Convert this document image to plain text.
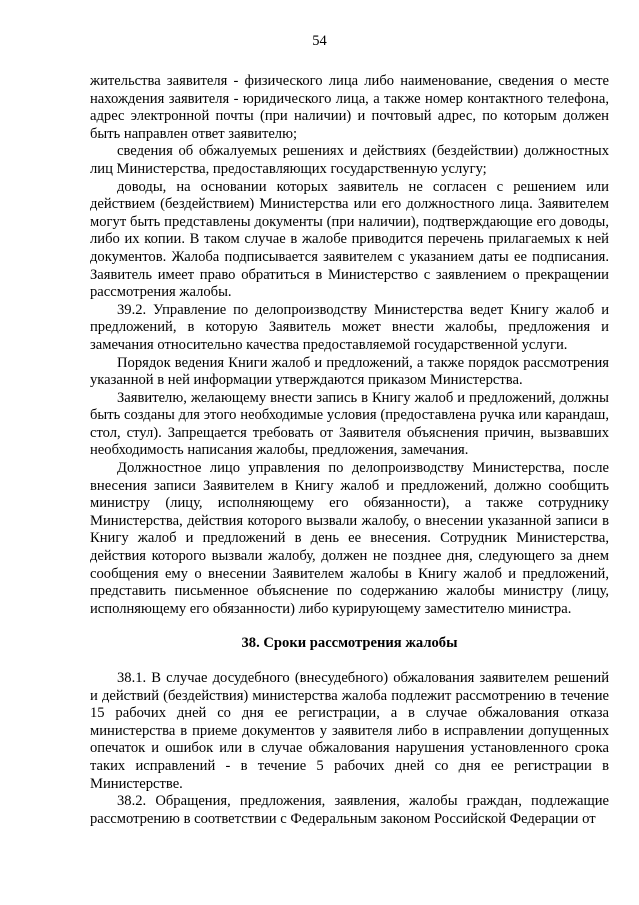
54

жительства заявителя - физического лица либо наименование, сведения о месте нахождения заявителя - юридического лица, а также номер контактного телефона, адрес электронной почты (при наличии) и почтовый адрес, по которым должен быть направлен ответ заявителю;

сведения об обжалуемых решениях и действиях (бездействии) должностных лиц Министерства, предоставляющих государственную услугу;

доводы, на основании которых заявитель не согласен с решением или действием (бездействием) Министерства или его должностного лица. Заявителем могут быть представлены документы (при наличии), подтверждающие его доводы, либо их копии. В таком случае в жалобе приводится перечень прилагаемых к ней документов. Жалоба подписывается заявителем с указанием даты ее подписания. Заявитель имеет право обратиться в Министерство с заявлением о прекращении рассмотрения жалобы.

39.2. Управление по делопроизводству Министерства ведет Книгу жалоб и предложений, в которую Заявитель может внести жалобы, предложения и замечания относительно качества предоставляемой государственной услуги.

Порядок ведения Книги жалоб и предложений, а также порядок рассмотрения указанной в ней информации утверждаются приказом Министерства.

Заявителю, желающему внести запись в Книгу жалоб и предложений, должны быть созданы для этого необходимые условия (предоставлена ручка или карандаш, стол, стул). Запрещается требовать от Заявителя объяснения причин, вызвавших необходимость написания жалобы, предложения, замечания.

Должностное лицо управления по делопроизводству Министерства, после внесения записи Заявителем в Книгу жалоб и предложений, должно сообщить министру (лицу, исполняющему его обязанности), а также сотруднику Министерства, действия которого вызвали жалобу, о внесении указанной записи в Книгу жалоб и предложений в день ее внесения. Сотрудник Министерства, действия которого вызвали жалобу, должен не позднее дня, следующего за днем сообщения ему о внесении Заявителем жалобы в Книгу жалоб и предложений, представить письменное объяснение по содержанию жалобы министру (лицу, исполняющему его обязанности) либо курирующему заместителю министра.

38. Сроки рассмотрения жалобы

38.1. В случае досудебного (внесудебного) обжалования заявителем решений и действий (бездействия) министерства жалоба подлежит рассмотрению в течение 15 рабочих дней со дня ее регистрации, а в случае обжалования отказа министерства в приеме документов у заявителя либо в исправлении допущенных опечаток и ошибок или в случае обжалования нарушения установленного срока таких исправлений - в течение 5 рабочих дней со дня ее регистрации в Министерстве.

38.2. Обращения, предложения, заявления, жалобы граждан, подлежащие рассмотрению в соответствии с Федеральным законом Российской Федерации от
